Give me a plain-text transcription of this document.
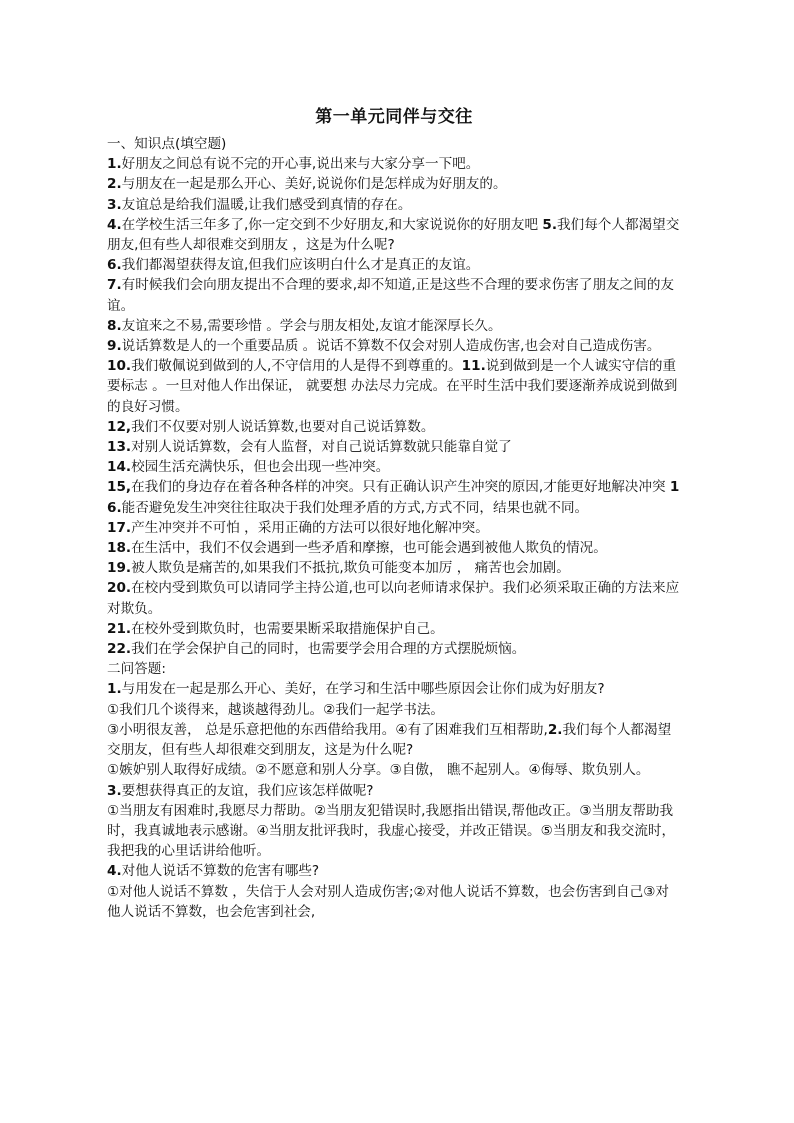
第一单元同伴与交往

一、知识点(填空题)

1.好朋友之间总有说不完的开心事,说出来与大家分享一下吧。

2.与朋友在一起是那么开心、美好,说说你们是怎样成为好朋友的。

3.友谊总是给我们温暖,让我们感受到真情的存在。

4.在学校生活三年多了,你一定交到不少好朋友,和大家说说你的好朋友吧 5.我们每个人都渴望交朋友,但有些人却很难交到朋友 ，这是为什么呢?

6.我们都渴望获得友谊,但我们应该明白什么才是真正的友谊。

7.有时候我们会向朋友提出不合理的要求,却不知道,正是这些不合理的要求伤害了朋友之间的友谊。

8.友谊来之不易,需要珍惜 。学会与朋友相处,友谊才能深厚长久。

9.说话算数是人的一个重要品质 。说话不算数不仅会对别人造成伤害,也会对自己造成伤害。

10.我们敬佩说到做到的人,不守信用的人是得不到尊重的。11.说到做到是一个人诚实守信的重要标志 。一旦对他人作出保证， 就要想 办法尽力完成。在平时生活中我们要逐渐养成说到做到的良好习惯。

12,我们不仅要对别人说话算数,也要对自己说话算数。

13.对别人说话算数，会有人监督，对自己说话算数就只能靠自觉了

14.校园生活充满快乐，但也会出现一些冲突。

15,在我们的身边存在着各种各样的冲突。只有正确认识产生冲突的原因,才能更好地解决冲突 16.能否避免发生冲突往往取决于我们处理矛盾的方式,方式不同，结果也就不同。

17.产生冲突并不可怕 ，采用正确的方法可以很好地化解冲突。

18.在生活中，我们不仅会遇到一些矛盾和摩擦，也可能会遇到被他人欺负的情况。

19.被人欺负是痛苦的,如果我们不抵抗,欺负可能变本加厉 ， 痛苦也会加剧。

20.在校内受到欺负可以请同学主持公道,也可以向老师请求保护。我们必须采取正确的方法来应对欺负。

21.在校外受到欺负时，也需要果断采取措施保护自己。

22.我们在学会保护自己的同时，也需要学会用合理的方式摆脱烦恼。

二问答题:

1.与用发在一起是那么开心、美好，在学习和生活中哪些原因会让你们成为好朋友?

①我们几个谈得来，越谈越得劲儿。②我们一起学书法。

③小明很友善， 总是乐意把他的东西借给我用。④有了困难我们互相帮助,2.我们每个人都渴望交朋友，但有些人却很难交到朋友，这是为什么呢?

①嫉妒别人取得好成绩。②不愿意和别人分享。③自傲， 瞧不起别人。④侮辱、欺负别人。

3.要想获得真正的友谊，我们应该怎样做呢?

①当朋友有困难时,我愿尽力帮助。②当朋友犯错误时,我愿指出错误,帮他改正。③当朋友帮助我时，我真诚地表示感谢。④当朋友批评我时，我虚心接受，并改正错误。⑤当朋友和我交流时，我把我的心里话讲给他听。

4.对他人说话不算数的危害有哪些?

①对他人说话不算数 ，失信于人会对别人造成伤害;②对他人说话不算数，也会伤害到自己③对他人说话不算数，也会危害到社会,
